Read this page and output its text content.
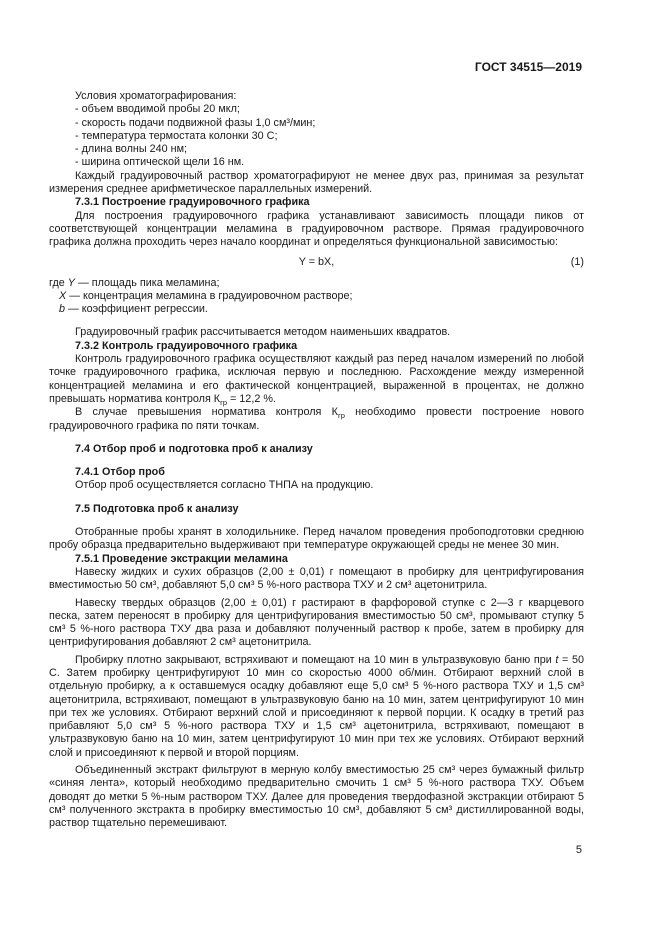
ГОСТ 34515—2019

Условия хроматографирования:

- объем вводимой пробы 20 мкл;

- скорость подачи подвижной фазы 1,0 см³/мин;

- температура термостата колонки 30 С;

- длина волны 240 нм;

- ширина оптической щели 16 нм.

Каждый градуировочный раствор хроматографируют не менее двух раз, принимая за результат измерения среднее арифметическое параллельных измерений.

7.3.1 Построение градуировочного графика

Для построения градуировочного графика устанавливают зависимость площади пиков от соответствующей концентрации меламина в градуировочном растворе. Прямая градуировочного графика должна проходить через начало координат и определяться функциональной зависимостью:

Y = bX,	(1)

где Y — площадь пика меламина;

X — концентрация меламина в градуировочном растворе;

b — коэффициент регрессии.

Градуировочный график рассчитывается методом наименьших квадратов.

7.3.2 Контроль градуировочного графика

Контроль градуировочного графика осуществляют каждый раз перед началом измерений по любой точке градуировочного графика, исключая первую и последнюю. Расхождение между измеренной концентрацией меламина и его фактической концентрацией, выраженной в процентах, не должно превышать норматива контроля $К_{гр} = 12,2$ %.

В случае превышения норматива контроля $К_{гр}$ необходимо провести построение нового градуировочного графика по пяти точкам.

7.4 Отбор проб и подготовка проб к анализу

7.4.1 Отбор проб

Отбор проб осуществляется согласно ТНПА на продукцию.

7.5 Подготовка проб к анализу

Отобранные пробы хранят в холодильнике. Перед началом проведения пробоподготовки среднюю пробу образца предварительно выдерживают при температуре окружающей среды не менее 30 мин.

7.5.1 Проведение экстракции меламина

Навеску жидких и сухих образцов (2,00 ± 0,01) г помещают в пробирку для центрифугирования вместимостью 50 см³, добавляют 5,0 см³ 5 %-ного раствора ТХУ и 2 см³ ацетонитрила.

Навеску твердых образцов (2,00 ± 0,01) г растирают в фарфоровой ступке с 2—3 г кварцевого песка, затем переносят в пробирку для центрифугирования вместимостью 50 см³, промывают ступку 5 см³ 5 %-ного раствора ТХУ два раза и добавляют полученный раствор к пробе, затем в пробирку для центрифугирования добавляют 2 см³ ацетонитрила.

Пробирку плотно закрывают, встряхивают и помещают на 10 мин в ультразвуковую баню при t = 50 С. Затем пробирку центрифугируют 10 мин со скоростью 4000 об/мин. Отбирают верхний слой в отдельную пробирку, а к оставшемуся осадку добавляют еще 5,0 см³ 5 %-ного раствора ТХУ и 1,5 см³ ацетонитрила, встряхивают, помещают в ультразвуковую баню на 10 мин, затем центрифугируют 10 мин при тех же условиях. Отбирают верхний слой и присоединяют к первой порции. К осадку в третий раз прибавляют 5,0 см³ 5 %-ного раствора ТХУ и 1,5 см³ ацетонитрила, встряхивают, помещают в ультразвуковую баню на 10 мин, затем центрифугируют 10 мин при тех же условиях. Отбирают верхний слой и присоединяют к первой и второй порциям.

Объединенный экстракт фильтруют в мерную колбу вместимостью 25 см³ через бумажный фильтр «синяя лента», который необходимо предварительно смочить 1 см³ 5 %-ного раствора ТХУ. Объем доводят до метки 5 %-ным раствором ТХУ. Далее для проведения твердофазной экстракции отбирают 5 см³ полученного экстракта в пробирку вместимостью 10 см³, добавляют 5 см³ дистиллированной воды, раствор тщательно перемешивают.

5
